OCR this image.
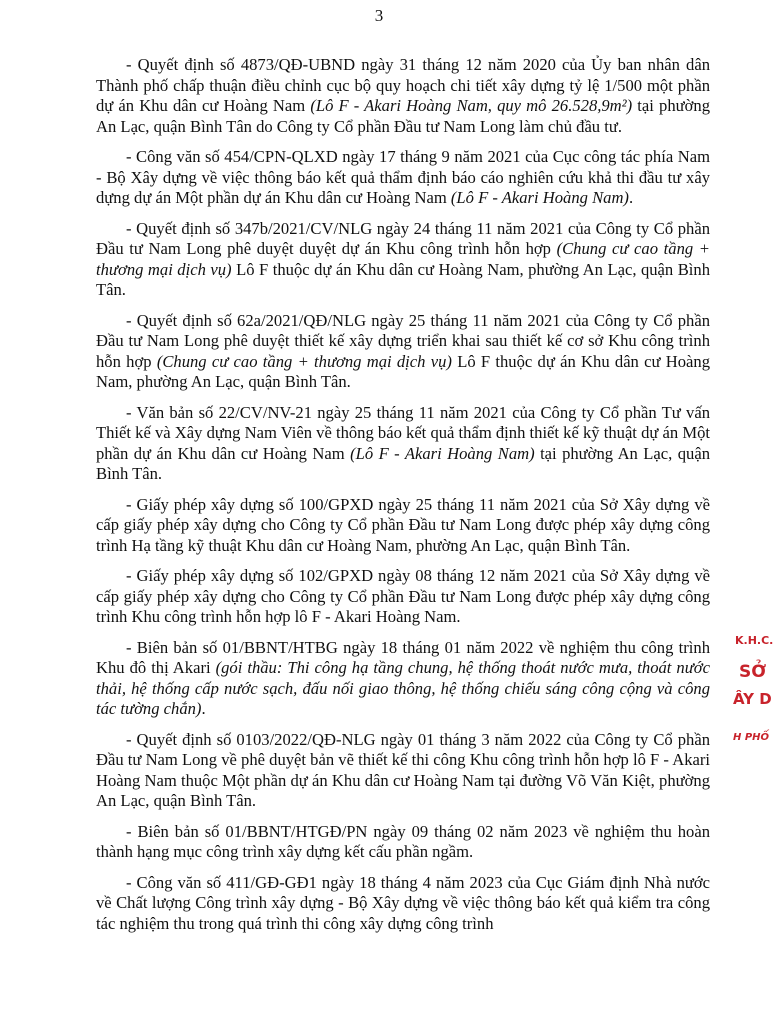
3

- Quyết định số 4873/QĐ-UBND ngày 31 tháng 12 năm 2020 của Ủy ban nhân dân Thành phố chấp thuận điều chỉnh cục bộ quy hoạch chi tiết xây dựng tỷ lệ 1/500 một phần dự án Khu dân cư Hoàng Nam (Lô F - Akari Hoàng Nam, quy mô 26.528,9m²) tại phường An Lạc, quận Bình Tân do Công ty Cổ phần Đầu tư Nam Long làm chủ đầu tư.

- Công văn số 454/CPN-QLXD ngày 17 tháng 9 năm 2021 của Cục công tác phía Nam - Bộ Xây dựng về việc thông báo kết quả thẩm định báo cáo nghiên cứu khả thi đầu tư xây dựng dự án Một phần dự án Khu dân cư Hoàng Nam (Lô F - Akari Hoàng Nam).

- Quyết định số 347b/2021/CV/NLG ngày 24 tháng 11 năm 2021 của Công ty Cổ phần Đầu tư Nam Long phê duyệt duyệt dự án Khu công trình hỗn hợp (Chung cư cao tầng + thương mại dịch vụ) Lô F thuộc dự án Khu dân cư Hoàng Nam, phường An Lạc, quận Bình Tân.

- Quyết định số 62a/2021/QĐ/NLG ngày 25 tháng 11 năm 2021 của Công ty Cổ phần Đầu tư Nam Long phê duyệt thiết kế xây dựng triển khai sau thiết kế cơ sở Khu công trình hỗn hợp (Chung cư cao tầng + thương mại dịch vụ) Lô F thuộc dự án Khu dân cư Hoàng Nam, phường An Lạc, quận Bình Tân.

- Văn bản số 22/CV/NV-21 ngày 25 tháng 11 năm 2021 của Công ty Cổ phần Tư vấn Thiết kế và Xây dựng Nam Viên về thông báo kết quả thẩm định thiết kế kỹ thuật dự án Một phần dự án Khu dân cư Hoàng Nam (Lô F - Akari Hoàng Nam) tại phường An Lạc, quận Bình Tân.

- Giấy phép xây dựng số 100/GPXD ngày 25 tháng 11 năm 2021 của Sở Xây dựng về cấp giấy phép xây dựng cho Công ty Cổ phần Đầu tư Nam Long được phép xây dựng công trình Hạ tầng kỹ thuật Khu dân cư Hoàng Nam, phường An Lạc, quận Bình Tân.

- Giấy phép xây dựng số 102/GPXD ngày 08 tháng 12 năm 2021 của Sở Xây dựng về cấp giấy phép xây dựng cho Công ty Cổ phần Đầu tư Nam Long được phép xây dựng công trình Khu công trình hỗn hợp lô F - Akari Hoàng Nam.

- Biên bản số 01/BBNT/HTBG ngày 18 tháng 01 năm 2022 về nghiệm thu công trình Khu đô thị Akari (gói thầu: Thi công hạ tầng chung, hệ thống thoát nước mưa, thoát nước thải, hệ thống cấp nước sạch, đấu nối giao thông, hệ thống chiếu sáng công cộng và công tác tường chắn).

- Quyết định số 0103/2022/QĐ-NLG ngày 01 tháng 3 năm 2022 của Công ty Cổ phần Đầu tư Nam Long về phê duyệt bản vẽ thiết kế thi công Khu công trình hỗn hợp lô F - Akari Hoàng Nam thuộc Một phần dự án Khu dân cư Hoàng Nam tại đường Võ Văn Kiệt, phường An Lạc, quận Bình Tân.

- Biên bản số 01/BBNT/HTGĐ/PN ngày 09 tháng 02 năm 2023 về nghiệm thu hoàn thành hạng mục công trình xây dựng kết cấu phần ngầm.

- Công văn số 411/GĐ-GĐ1 ngày 18 tháng 4 năm 2023 của Cục Giám định Nhà nước về Chất lượng Công trình xây dựng - Bộ Xây dựng về việc thông báo kết quả kiểm tra công tác nghiệm thu trong quá trình thi công xây dựng công trình

K.H.C.
SỞ
ÂY D
H PHỐ
